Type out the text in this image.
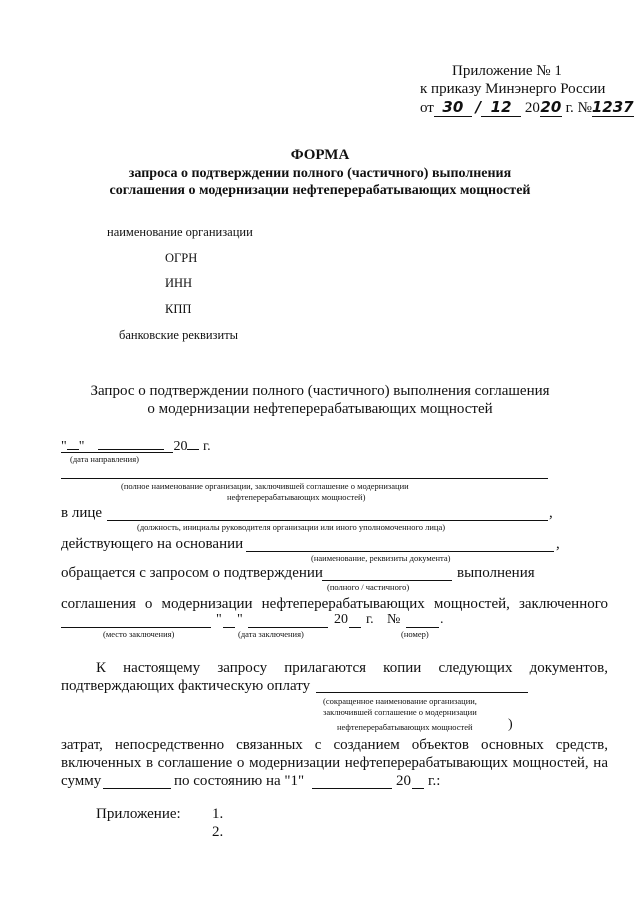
Приложение № 1
к приказу Минэнерго России
от 30 / 12 2020 г. №1237
ФОРМА
запроса о подтверждении полного (частичного) выполнения
соглашения о модернизации нефтеперерабатывающих мощностей
наименование организации
ОГРН
ИНН
КПП
банковские реквизиты
Запрос о подтверждении полного (частичного) выполнения соглашения
о модернизации нефтеперерабатывающих мощностей
" "	20 г.
(дата направления)
(полное наименование организации, заключившей соглашение о модернизации
нефтеперерабатывающих мощностей)
в лице	,
(должность, инициалы руководителя организации или иного уполномоченного лица)
действующего на основании	,
(наименование, реквизиты документа)
обращается с запросом о подтверждении	выполнения
(полного / частичного)
соглашения о модернизации нефтеперерабатывающих мощностей, заключенного
" "	20 г. №	.
(место заключения)	(дата заключения)	(номер)
К настоящему запросу прилагаются копии следующих документов,
подтверждающих фактическую оплату
(сокращенное наименование организации,
заключившей соглашение о модернизации
нефтеперерабатывающих мощностей	)
затрат, непосредственно связанных с созданием объектов основных средств,
включенных в соглашение о модернизации нефтеперерабатывающих мощностей, на
сумму	по состоянию на "1"	20 г.:
Приложение: 1.
2.
